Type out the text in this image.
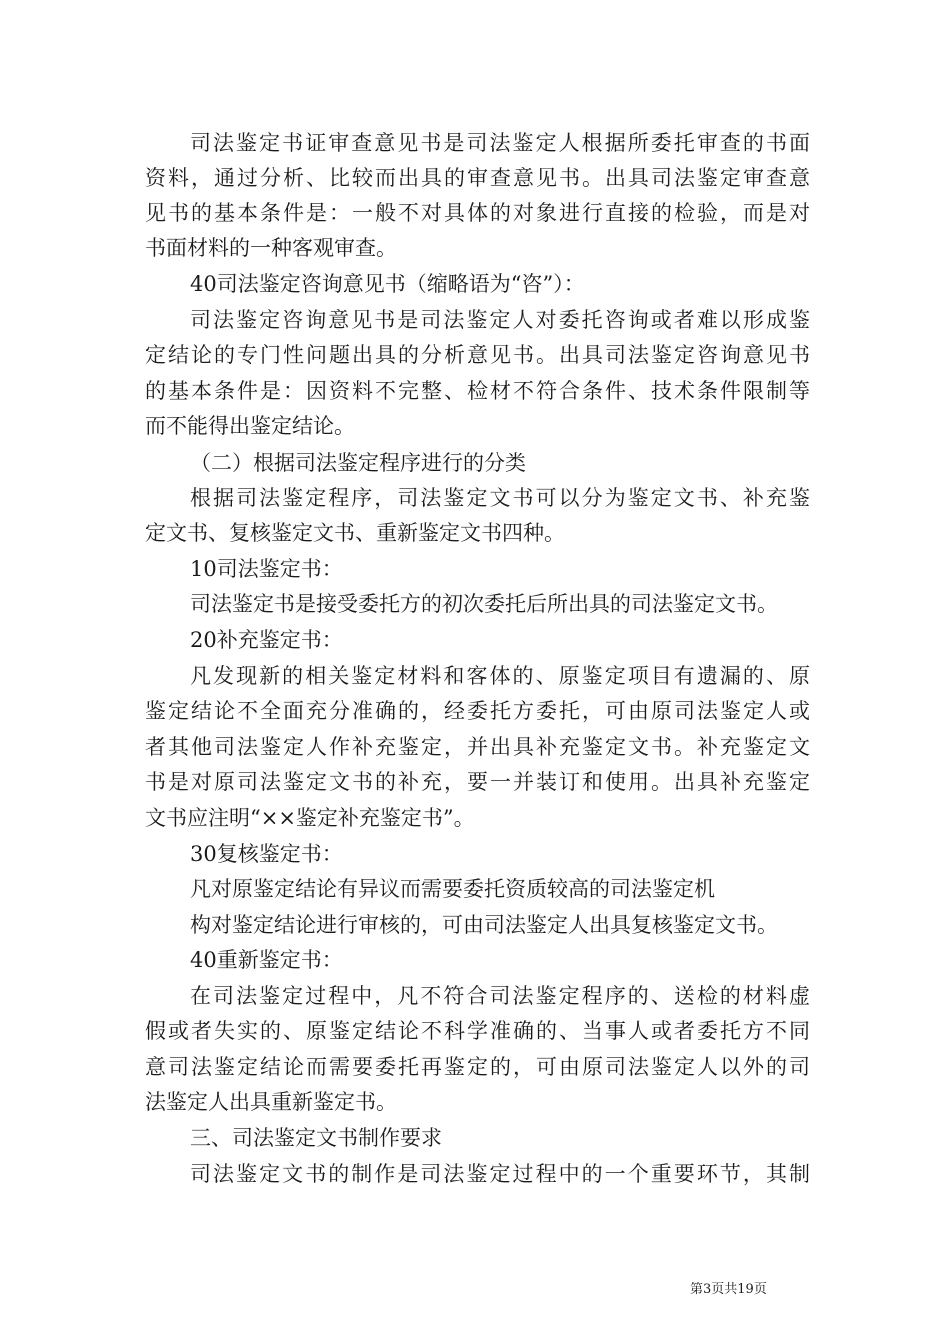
司法鉴定书证审查意见书是司法鉴定人根据所委托审查的书面
资料，通过分析、比较而出具的审查意见书。出具司法鉴定审查意
见书的基本条件是：一般不对具体的对象进行直接的检验，而是对
书面材料的一种客观审查。
40司法鉴定咨询意见书（缩略语为“咨”）：
司法鉴定咨询意见书是司法鉴定人对委托咨询或者难以形成鉴
定结论的专门性问题出具的分析意见书。出具司法鉴定咨询意见书
的基本条件是：因资料不完整、检材不符合条件、技术条件限制等
而不能得出鉴定结论。
（二）根据司法鉴定程序进行的分类
根据司法鉴定程序，司法鉴定文书可以分为鉴定文书、补充鉴
定文书、复核鉴定文书、重新鉴定文书四种。
10司法鉴定书：
司法鉴定书是接受委托方的初次委托后所出具的司法鉴定文书。
20补充鉴定书：
凡发现新的相关鉴定材料和客体的、原鉴定项目有遗漏的、原
鉴定结论不全面充分准确的，经委托方委托，可由原司法鉴定人或
者其他司法鉴定人作补充鉴定，并出具补充鉴定文书。补充鉴定文
书是对原司法鉴定文书的补充，要一并装订和使用。出具补充鉴定
文书应注明“××鉴定补充鉴定书”。
30复核鉴定书：
凡对原鉴定结论有异议而需要委托资质较高的司法鉴定机
构对鉴定结论进行审核的，可由司法鉴定人出具复核鉴定文书。
40重新鉴定书：
在司法鉴定过程中，凡不符合司法鉴定程序的、送检的材料虚
假或者失实的、原鉴定结论不科学准确的、当事人或者委托方不同
意司法鉴定结论而需要委托再鉴定的，可由原司法鉴定人以外的司
法鉴定人出具重新鉴定书。
三、司法鉴定文书制作要求
司法鉴定文书的制作是司法鉴定过程中的一个重要环节，其制
第3页共19页
